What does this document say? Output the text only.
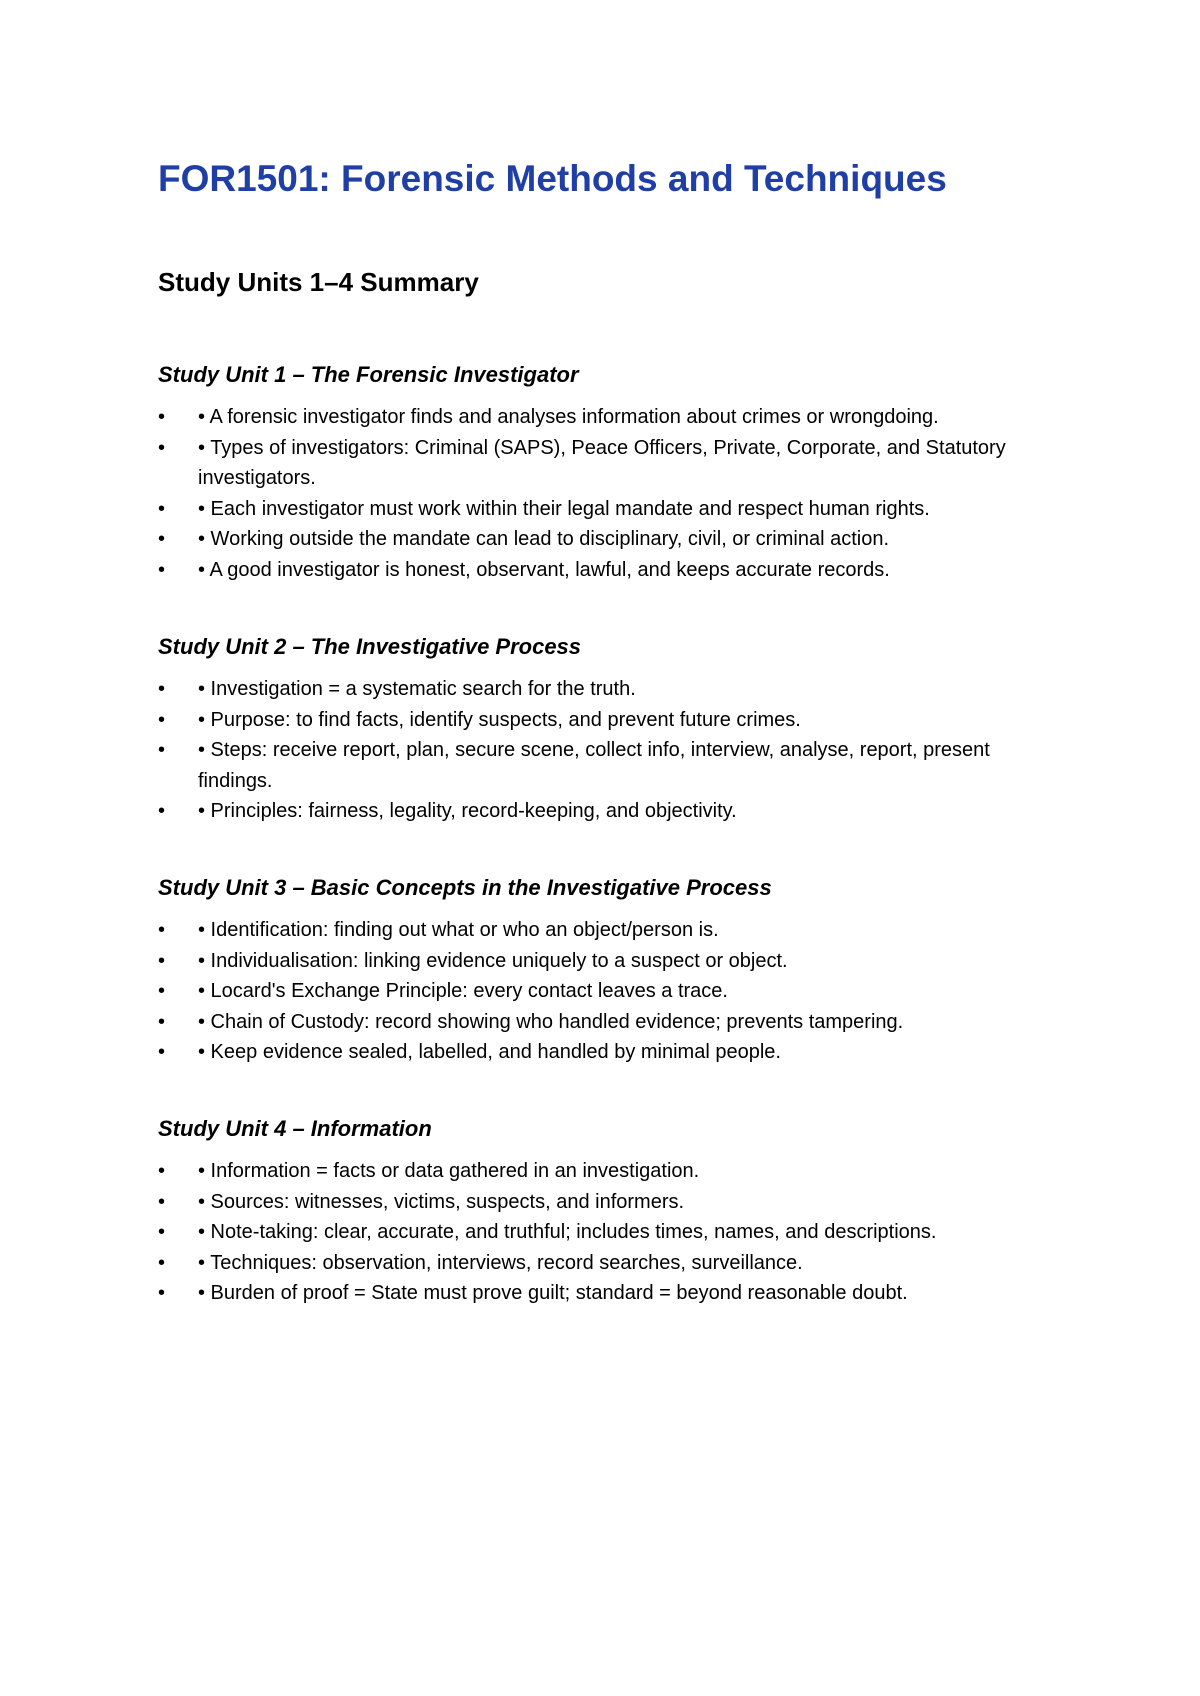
FOR1501: Forensic Methods and Techniques
Study Units 1–4 Summary
Study Unit 1 – The Forensic Investigator
• • A forensic investigator finds and analyses information about crimes or wrongdoing.
• • Types of investigators: Criminal (SAPS), Peace Officers, Private, Corporate, and Statutory investigators.
• • Each investigator must work within their legal mandate and respect human rights.
• • Working outside the mandate can lead to disciplinary, civil, or criminal action.
• • A good investigator is honest, observant, lawful, and keeps accurate records.
Study Unit 2 – The Investigative Process
• • Investigation = a systematic search for the truth.
• • Purpose: to find facts, identify suspects, and prevent future crimes.
• • Steps: receive report, plan, secure scene, collect info, interview, analyse, report, present findings.
• • Principles: fairness, legality, record-keeping, and objectivity.
Study Unit 3 – Basic Concepts in the Investigative Process
• • Identification: finding out what or who an object/person is.
• • Individualisation: linking evidence uniquely to a suspect or object.
• • Locard's Exchange Principle: every contact leaves a trace.
• • Chain of Custody: record showing who handled evidence; prevents tampering.
• • Keep evidence sealed, labelled, and handled by minimal people.
Study Unit 4 – Information
• • Information = facts or data gathered in an investigation.
• • Sources: witnesses, victims, suspects, and informers.
• • Note-taking: clear, accurate, and truthful; includes times, names, and descriptions.
• • Techniques: observation, interviews, record searches, surveillance.
• • Burden of proof = State must prove guilt; standard = beyond reasonable doubt.
